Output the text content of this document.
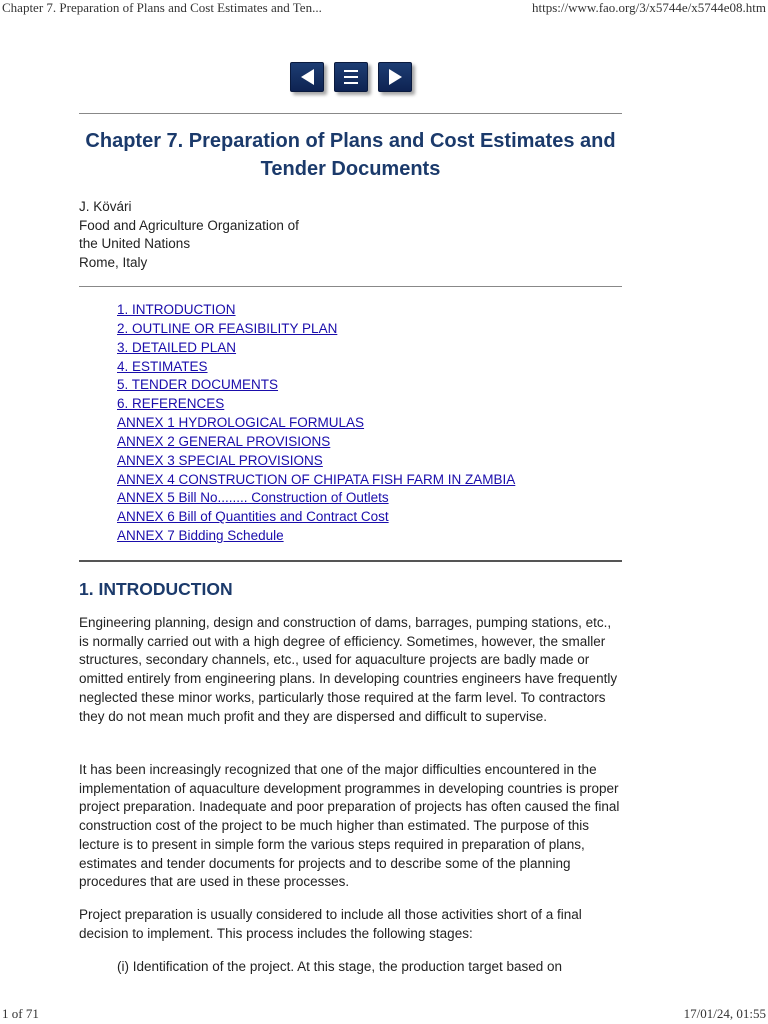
Chapter 7. Preparation of Plans and Cost Estimates and Ten...	https://www.fao.org/3/x5744e/x5744e08.htm
Chapter 7. Preparation of Plans and Cost Estimates and Tender Documents
J. Kövári
Food and Agriculture Organization of
the United Nations
Rome, Italy
1. INTRODUCTION
2. OUTLINE OR FEASIBILITY PLAN
3. DETAILED PLAN
4. ESTIMATES
5. TENDER DOCUMENTS
6. REFERENCES
ANNEX 1 HYDROLOGICAL FORMULAS
ANNEX 2 GENERAL PROVISIONS
ANNEX 3 SPECIAL PROVISIONS
ANNEX 4 CONSTRUCTION OF CHIPATA FISH FARM IN ZAMBIA
ANNEX 5 Bill No........ Construction of Outlets
ANNEX 6 Bill of Quantities and Contract Cost
ANNEX 7 Bidding Schedule
1. INTRODUCTION

Engineering planning, design and construction of dams, barrages, pumping stations, etc., is normally carried out with a high degree of efficiency. Sometimes, however, the smaller structures, secondary channels, etc., used for aquaculture projects are badly made or omitted entirely from engineering plans. In developing countries engineers have frequently neglected these minor works, particularly those required at the farm level. To contractors they do not mean much profit and they are dispersed and difficult to supervise.

It has been increasingly recognized that one of the major difficulties encountered in the implementation of aquaculture development programmes in developing countries is proper project preparation. Inadequate and poor preparation of projects has often caused the final construction cost of the project to be much higher than estimated. The purpose of this lecture is to present in simple form the various steps required in preparation of plans, estimates and tender documents for projects and to describe some of the planning procedures that are used in these processes.

Project preparation is usually considered to include all those activities short of a final decision to implement. This process includes the following stages:

(i) Identification of the project. At this stage, the production target based on

1 of 71	17/01/24, 01:55
